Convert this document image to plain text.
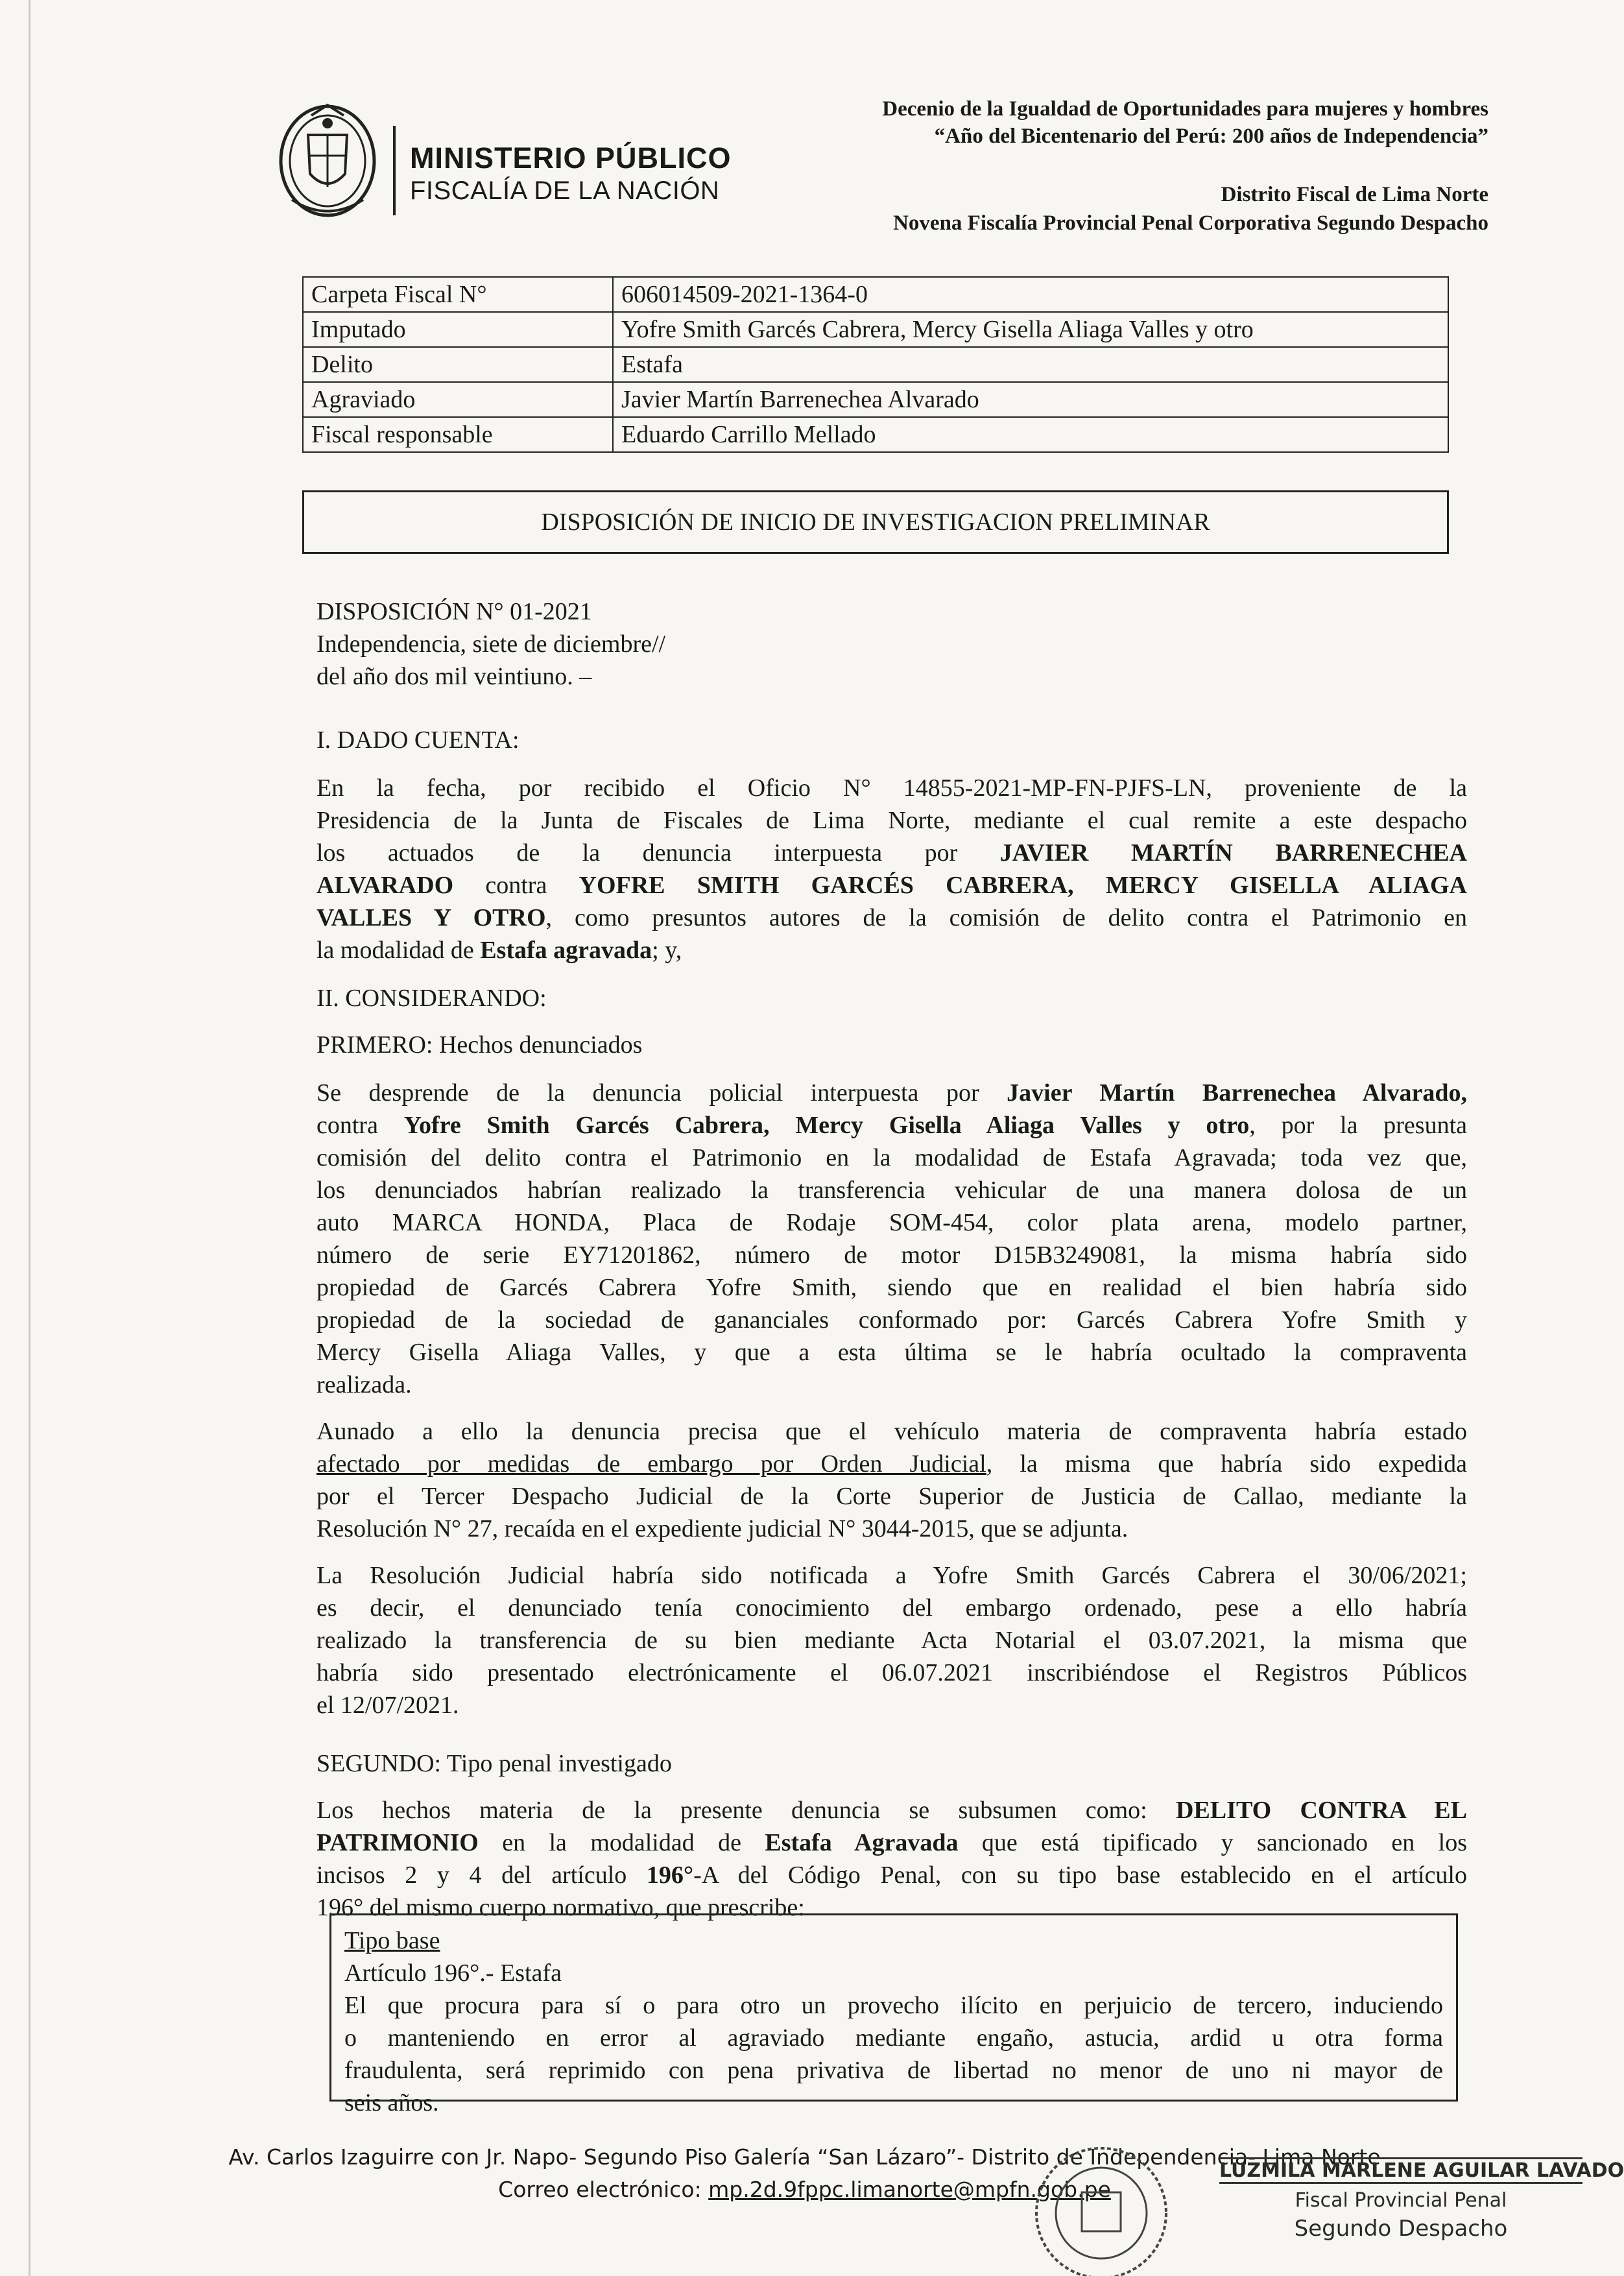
MINISTERIO PÚBLICO
FISCALÍA DE LA NACIÓN
Decenio de la Igualdad de Oportunidades para mujeres y hombres
“Año del Bicentenario del Perú: 200 años de Independencia”
Distrito Fiscal de Lima Norte
Novena Fiscalía Provincial Penal Corporativa Segundo Despacho
Carpeta Fiscal N°	606014509-2021-1364-0
Imputado	Yofre Smith Garcés Cabrera, Mercy Gisella Aliaga Valles y otro
Delito	Estafa
Agraviado	Javier Martín Barrenechea Alvarado
Fiscal responsable	Eduardo Carrillo Mellado
DISPOSICIÓN DE INICIO DE INVESTIGACION PRELIMINAR

DISPOSICIÓN N° 01-2021

Independencia, siete de diciembre//

del año dos mil veintiuno. –

I. DADO CUENTA:

En la fecha, por recibido el Oficio N° 14855-2021-MP-FN-PJFS-LN, proveniente de la

Presidencia de la Junta de Fiscales de Lima Norte, mediante el cual remite a este despacho

los actuados de la denuncia interpuesta por JAVIER MARTÍN BARRENECHEA

ALVARADO contra YOFRE SMITH GARCÉS CABRERA, MERCY GISELLA ALIAGA

VALLES Y OTRO, como presuntos autores de la comisión de delito contra el Patrimonio en

la modalidad de Estafa agravada; y,

II. CONSIDERANDO:
PRIMERO: Hechos denunciados

Se desprende de la denuncia policial interpuesta por Javier Martín Barrenechea Alvarado,

contra Yofre Smith Garcés Cabrera, Mercy Gisella Aliaga Valles y otro, por la presunta

comisión del delito contra el Patrimonio en la modalidad de Estafa Agravada; toda vez que,

los denunciados habrían realizado la transferencia vehicular de una manera dolosa de un

auto MARCA HONDA, Placa de Rodaje SOM-454, color plata arena, modelo partner,

número de serie EY71201862, número de motor D15B3249081, la misma habría sido

propiedad de Garcés Cabrera Yofre Smith, siendo que en realidad el bien habría sido

propiedad de la sociedad de gananciales conformado por: Garcés Cabrera Yofre Smith y

Mercy Gisella Aliaga Valles, y que a esta última se le habría ocultado la compraventa

realizada.

Aunado a ello la denuncia precisa que el vehículo materia de compraventa habría estado

afectado por medidas de embargo por Orden Judicial, la misma que habría sido expedida

por el Tercer Despacho Judicial de la Corte Superior de Justicia de Callao, mediante la

Resolución N° 27, recaída en el expediente judicial N° 3044-2015, que se adjunta.

La Resolución Judicial habría sido notificada a Yofre Smith Garcés Cabrera el 30/06/2021;

es decir, el denunciado tenía conocimiento del embargo ordenado, pese a ello habría

realizado la transferencia de su bien mediante Acta Notarial el 03.07.2021, la misma que

habría sido presentado electrónicamente el 06.07.2021 inscribiéndose el Registros Públicos

el 12/07/2021.

SEGUNDO: Tipo penal investigado

Los hechos materia de la presente denuncia se subsumen como: DELITO CONTRA EL

PATRIMONIO en la modalidad de Estafa Agravada que está tipificado y sancionado en los

incisos 2 y 4 del artículo 196°-A del Código Penal, con su tipo base establecido en el artículo

196° del mismo cuerpo normativo, que prescribe:

Tipo base

Artículo 196°.- Estafa

El que procura para sí o para otro un provecho ilícito en perjuicio de tercero, induciendo

o manteniendo en error al agraviado mediante engaño, astucia, ardid u otra forma

fraudulenta, será reprimido con pena privativa de libertad no menor de uno ni mayor de

seis años.

Av. Carlos Izaguirre con Jr. Napo- Segundo Piso Galería “San Lázaro”- Distrito de Independencia- Lima Norte
Correo electrónico: mp.2d.9fppc.limanorte@mpfn.gob.pe
LUZMILA MARLENE AGUILAR LAVADO
Fiscal Provincial Penal
Segundo Despacho
